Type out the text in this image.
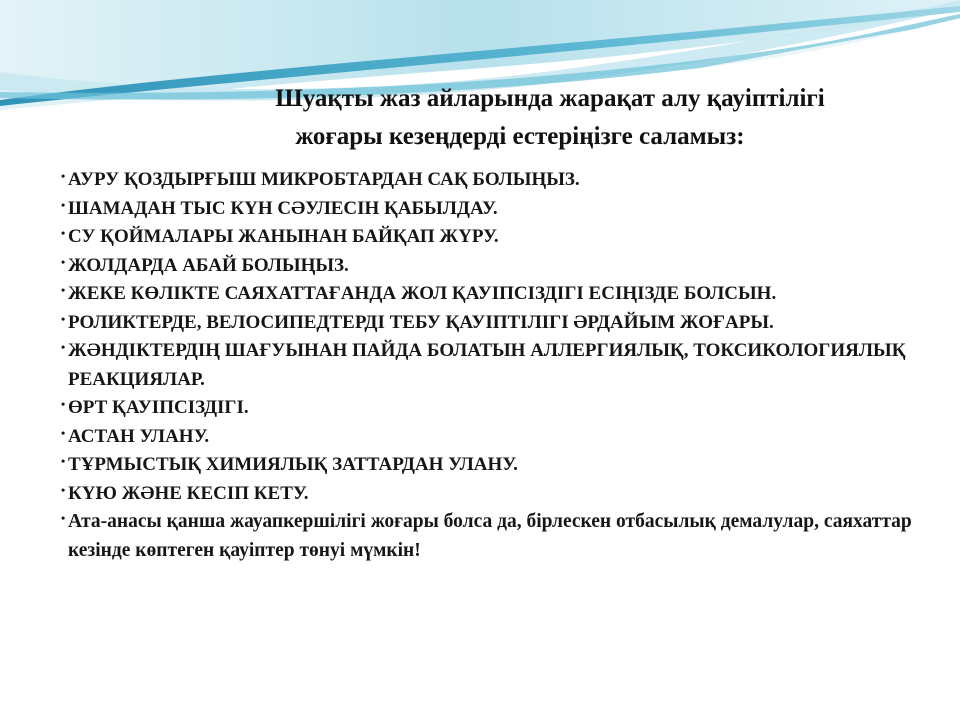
Шуақты жаз айларында жарақат алу қауіптілігі
жоғары кезеңдерді естеріңізге саламыз:
• АУРУ ҚОЗДЫРҒЫШ МИКРОБТАРДАН САҚ БОЛЫҢЫЗ.
• ШАМАДАН ТЫС КҮН СӘУЛЕСІН ҚАБЫЛДАУ.
• СУ ҚОЙМАЛАРЫ ЖАНЫНАН БАЙҚАП ЖҮРУ.
• ЖОЛДАРДА АБАЙ БОЛЫҢЫЗ.
• ЖЕКЕ КӨЛІКТЕ САЯХАТТАҒАНДА ЖОЛ ҚАУІПСІЗДІГІ ЕСІҢІЗДЕ БОЛСЫН.
• РОЛИКТЕРДЕ, ВЕЛОСИПЕДТЕРДІ ТЕБУ ҚАУІПТІЛІГІ ӘРДАЙЫМ ЖОҒАРЫ.
• ЖӘНДІКТЕРДІҢ ШАҒУЫНАН ПАЙДА БОЛАТЫН АЛЛЕРГИЯЛЫҚ, ТОКСИКОЛОГИЯЛЫҚ РЕАКЦИЯЛАР.
• ӨРТ ҚАУІПСІЗДІГІ.
• АСТАН УЛАНУ.
• ТҰРМЫСТЫҚ ХИМИЯЛЫҚ ЗАТТАРДАН УЛАНУ.
• КҮЮ ЖӘНЕ КЕСІП КЕТУ.
• Ата-анасы қанша жауапкершілігі жоғары болса да, бірлескен отбасылық демалулар, саяхаттар кезінде көптеген қауіптер төнуі мүмкін!
